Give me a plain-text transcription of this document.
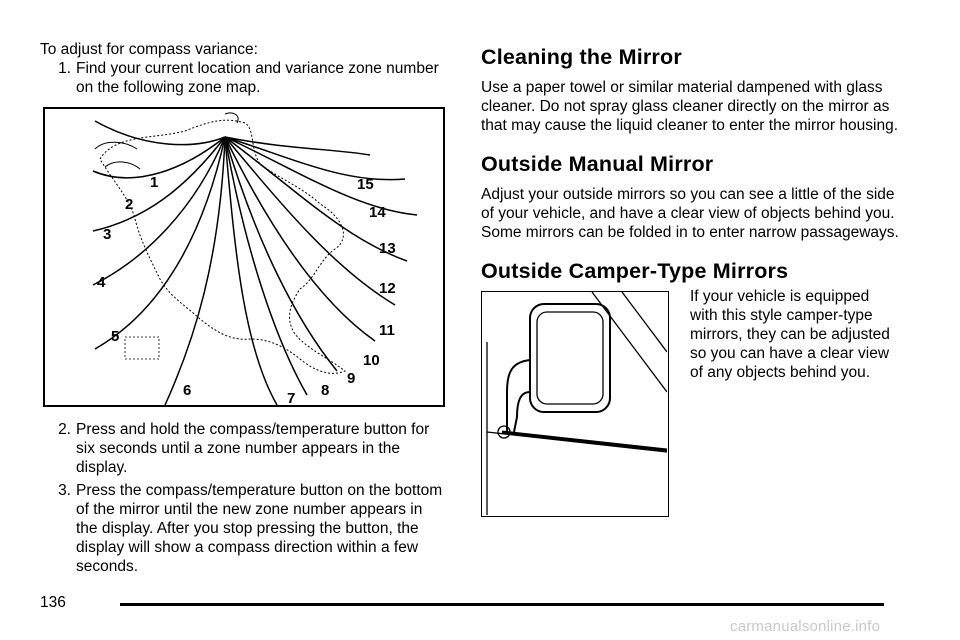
To adjust for compass variance:

1. Find your current location and variance zone number on the following zone map.
1
2
3
4
5
6	7 8
9
10
11
12
13
14
15
2. Press and hold the compass/temperature button for six seconds until a zone number appears in the display.
3. Press the compass/temperature button on the bottom of the mirror until the new zone number appears in the display. After you stop pressing the button, the display will show a compass direction within a few seconds.
Cleaning the Mirror

Use a paper towel or similar material dampened with glass cleaner. Do not spray glass cleaner directly on the mirror as that may cause the liquid cleaner to enter the mirror housing.

Outside Manual Mirror

Adjust your outside mirrors so you can see a little of the side of your vehicle, and have a clear view of objects behind you. Some mirrors can be folded in to enter narrow passageways.

Outside Camper-Type Mirrors

If your vehicle is equipped with this style camper-type mirrors, they can be adjusted so you can have a clear view of any objects behind you.

136
carmanualsonline.info
